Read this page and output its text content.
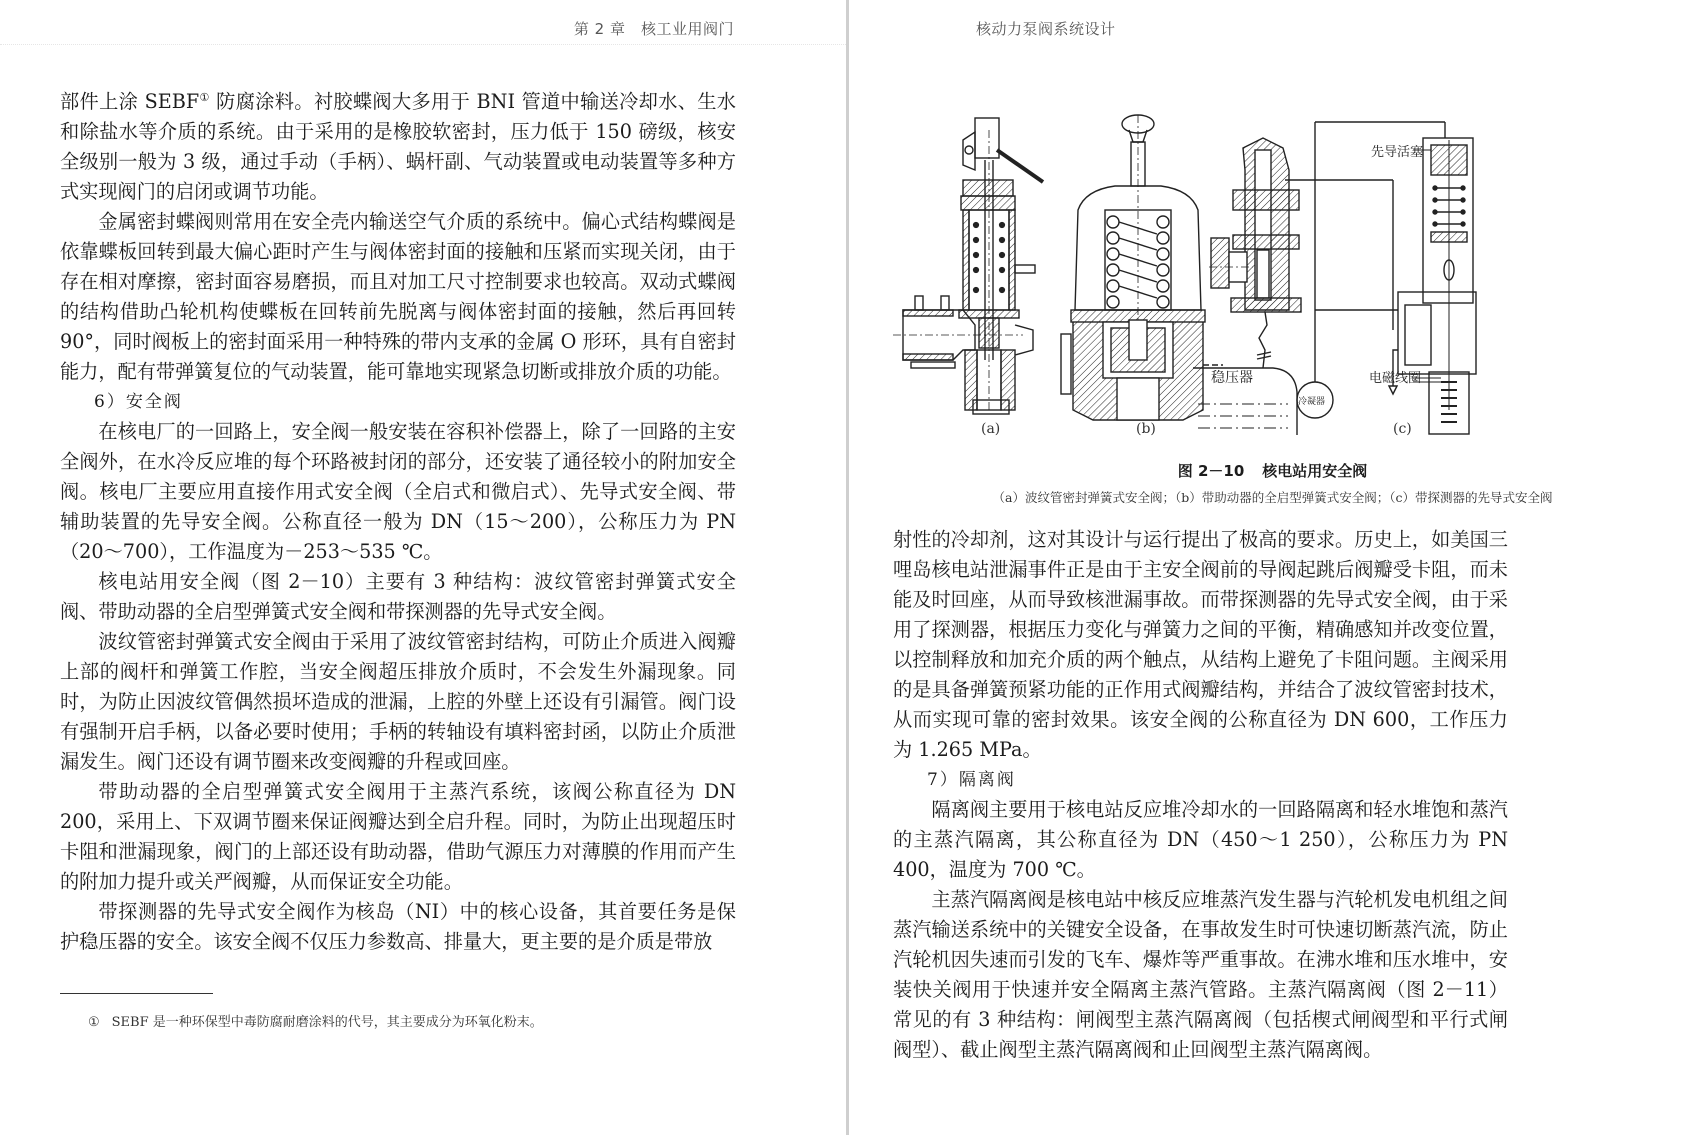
第 2 章　核工业用阀门

部件上涂 SEBF① 防腐涂料。衬胶蝶阀大多用于 BNI 管道中输送冷却水、生水和除盐水等介质的系统。由于采用的是橡胶软密封，压力低于 150 磅级，核安全级别一般为 3 级，通过手动（手柄）、蜗杆副、气动装置或电动装置等多种方式实现阀门的启闭或调节功能。

金属密封蝶阀则常用在安全壳内输送空气介质的系统中。偏心式结构蝶阀是依靠蝶板回转到最大偏心距时产生与阀体密封面的接触和压紧而实现关闭，由于存在相对摩擦，密封面容易磨损，而且对加工尺寸控制要求也较高。双动式蝶阀的结构借助凸轮机构使蝶板在回转前先脱离与阀体密封面的接触，然后再回转 90°，同时阀板上的密封面采用一种特殊的带内支承的金属 O 形环，具有自密封能力，配有带弹簧复位的气动装置，能可靠地实现紧急切断或排放介质的功能。

6）安全阀

在核电厂的一回路上，安全阀一般安装在容积补偿器上，除了一回路的主安全阀外，在水冷反应堆的每个环路被封闭的部分，还安装了通径较小的附加安全阀。核电厂主要应用直接作用式安全阀（全启式和微启式）、先导式安全阀、带辅助装置的先导安全阀。公称直径一般为 DN（15～200），公称压力为 PN（20～700），工作温度为－253～535 ℃。

核电站用安全阀（图 2－10）主要有 3 种结构：波纹管密封弹簧式安全阀、带助动器的全启型弹簧式安全阀和带探测器的先导式安全阀。

波纹管密封弹簧式安全阀由于采用了波纹管密封结构，可防止介质进入阀瓣上部的阀杆和弹簧工作腔，当安全阀超压排放介质时，不会发生外漏现象。同时，为防止因波纹管偶然损坏造成的泄漏，上腔的外壁上还设有引漏管。阀门设有强制开启手柄，以备必要时使用；手柄的转轴设有填料密封函，以防止介质泄漏发生。阀门还设有调节圈来改变阀瓣的升程或回座。

带助动器的全启型弹簧式安全阀用于主蒸汽系统，该阀公称直径为 DN 200，采用上、下双调节圈来保证阀瓣达到全启升程。同时，为防止出现超压时卡阻和泄漏现象，阀门的上部还设有助动器，借助气源压力对薄膜的作用而产生的附加力提升或关严阀瓣，从而保证安全功能。

带探测器的先导式安全阀作为核岛（NI）中的核心设备，其首要任务是保护稳压器的安全。该安全阀不仅压力参数高、排量大，更主要的是介质是带放

① SEBF 是一种环保型中毒防腐耐磨涂料的代号，其主要成分为环氧化粉末。
核动力泵阀系统设计
(a)	(b)
先导活塞
稳压器
冷凝器
电磁线圈
(c)
图 2－10 核电站用安全阀
（a）波纹管密封弹簧式安全阀；（b）带助动器的全启型弹簧式安全阀；（c）带探测器的先导式安全阀

射性的冷却剂，这对其设计与运行提出了极高的要求。历史上，如美国三哩岛核电站泄漏事件正是由于主安全阀前的导阀起跳后阀瓣受卡阻，而未能及时回座，从而导致核泄漏事故。而带探测器的先导式安全阀，由于采用了探测器，根据压力变化与弹簧力之间的平衡，精确感知并改变位置，以控制释放和加充介质的两个触点，从结构上避免了卡阻问题。主阀采用的是具备弹簧预紧功能的正作用式阀瓣结构，并结合了波纹管密封技术，从而实现可靠的密封效果。该安全阀的公称直径为 DN 600，工作压力为 1.265 MPa。

7）隔离阀

隔离阀主要用于核电站反应堆冷却水的一回路隔离和轻水堆饱和蒸汽的主蒸汽隔离，其公称直径为 DN（450～1 250），公称压力为 PN 400，温度为 700 ℃。

主蒸汽隔离阀是核电站中核反应堆蒸汽发生器与汽轮机发电机组之间蒸汽输送系统中的关键安全设备，在事故发生时可快速切断蒸汽流，防止汽轮机因失速而引发的飞车、爆炸等严重事故。在沸水堆和压水堆中，安装快关阀用于快速并安全隔离主蒸汽管路。主蒸汽隔离阀（图 2－11）常见的有 3 种结构：闸阀型主蒸汽隔离阀（包括楔式闸阀型和平行式闸阀型）、截止阀型主蒸汽隔离阀和止回阀型主蒸汽隔离阀。
